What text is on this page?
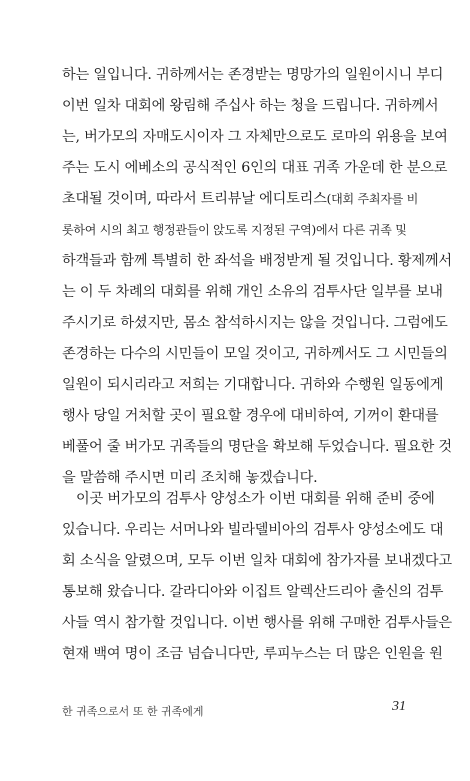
하는 일입니다. 귀하께서는 존경받는 명망가의 일원이시니 부디
이번 일차 대회에 왕림해 주십사 하는 청을 드립니다. 귀하께서
는, 버가모의 자매도시이자 그 자체만으로도 로마의 위용을 보여
주는 도시 에베소의 공식적인 6인의 대표 귀족 가운데 한 분으로
초대될 것이며, 따라서 트리뷰날 에디토리스(대회 주최자를 비
롯하여 시의 최고 행정관들이 앉도록 지정된 구역)에서 다른 귀족 및
하객들과 함께 특별히 한 좌석을 배정받게 될 것입니다. 황제께서
는 이 두 차례의 대회를 위해 개인 소유의 검투사단 일부를 보내
주시기로 하셨지만, 몸소 참석하시지는 않을 것입니다. 그럼에도
존경하는 다수의 시민들이 모일 것이고, 귀하께서도 그 시민들의
일원이 되시리라고 저희는 기대합니다. 귀하와 수행원 일동에게
행사 당일 거처할 곳이 필요할 경우에 대비하여, 기꺼이 환대를
베풀어 줄 버가모 귀족들의 명단을 확보해 두었습니다. 필요한 것
을 말씀해 주시면 미리 조치해 놓겠습니다.
이곳 버가모의 검투사 양성소가 이번 대회를 위해 준비 중에
있습니다. 우리는 서머나와 빌라델비아의 검투사 양성소에도 대
회 소식을 알렸으며, 모두 이번 일차 대회에 참가자를 보내겠다고
통보해 왔습니다. 갈라디아와 이집트 알렉산드리아 출신의 검투
사들 역시 참가할 것입니다. 이번 행사를 위해 구매한 검투사들은
현재 백여 명이 조금 넘습니다만, 루피누스는 더 많은 인원을 원
한 귀족으로서 또 한 귀족에게	31
